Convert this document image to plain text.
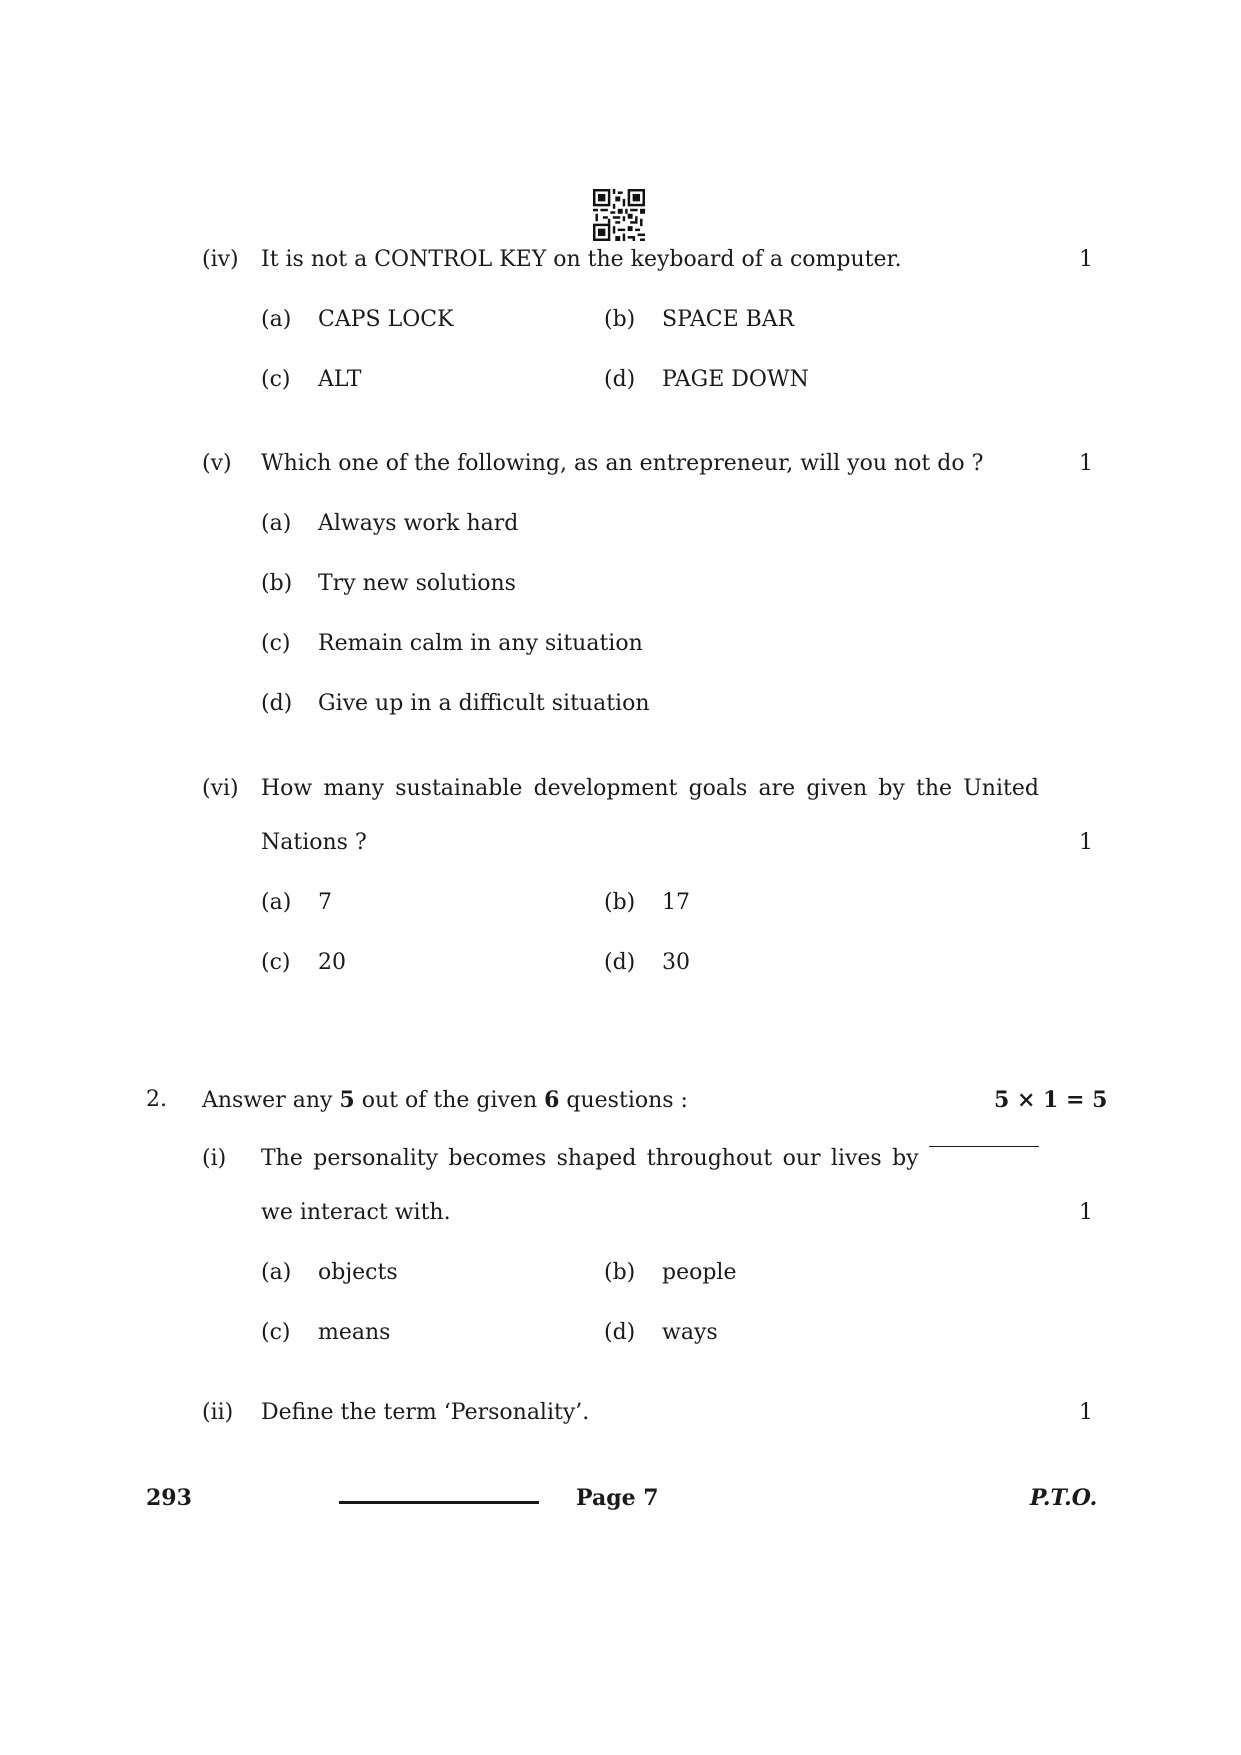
(iv) It is not a CONTROL KEY on the keyboard of a computer.	1
(a) CAPS LOCK	(b) SPACE BAR
(c) ALT	(d) PAGE DOWN
(v) Which one of the following, as an entrepreneur, will you not do ?	1
(a) Always work hard
(b) Try new solutions
(c) Remain calm in any situation
(d) Give up in a difficult situation
(vi) How many sustainable development goals are given by the United
Nations ?	1
(a) 7	(b) 17
(c) 20	(d) 30
2. Answer any 5 out of the given 6 questions :	5 × 1 = 5
(i) The personality becomes shaped throughout our lives by
we interact with.	1
(a) objects	(b) people
(c) means	(d) ways
(ii) Define the term ‘Personality’.	1
293	Page 7	P.T.O.
